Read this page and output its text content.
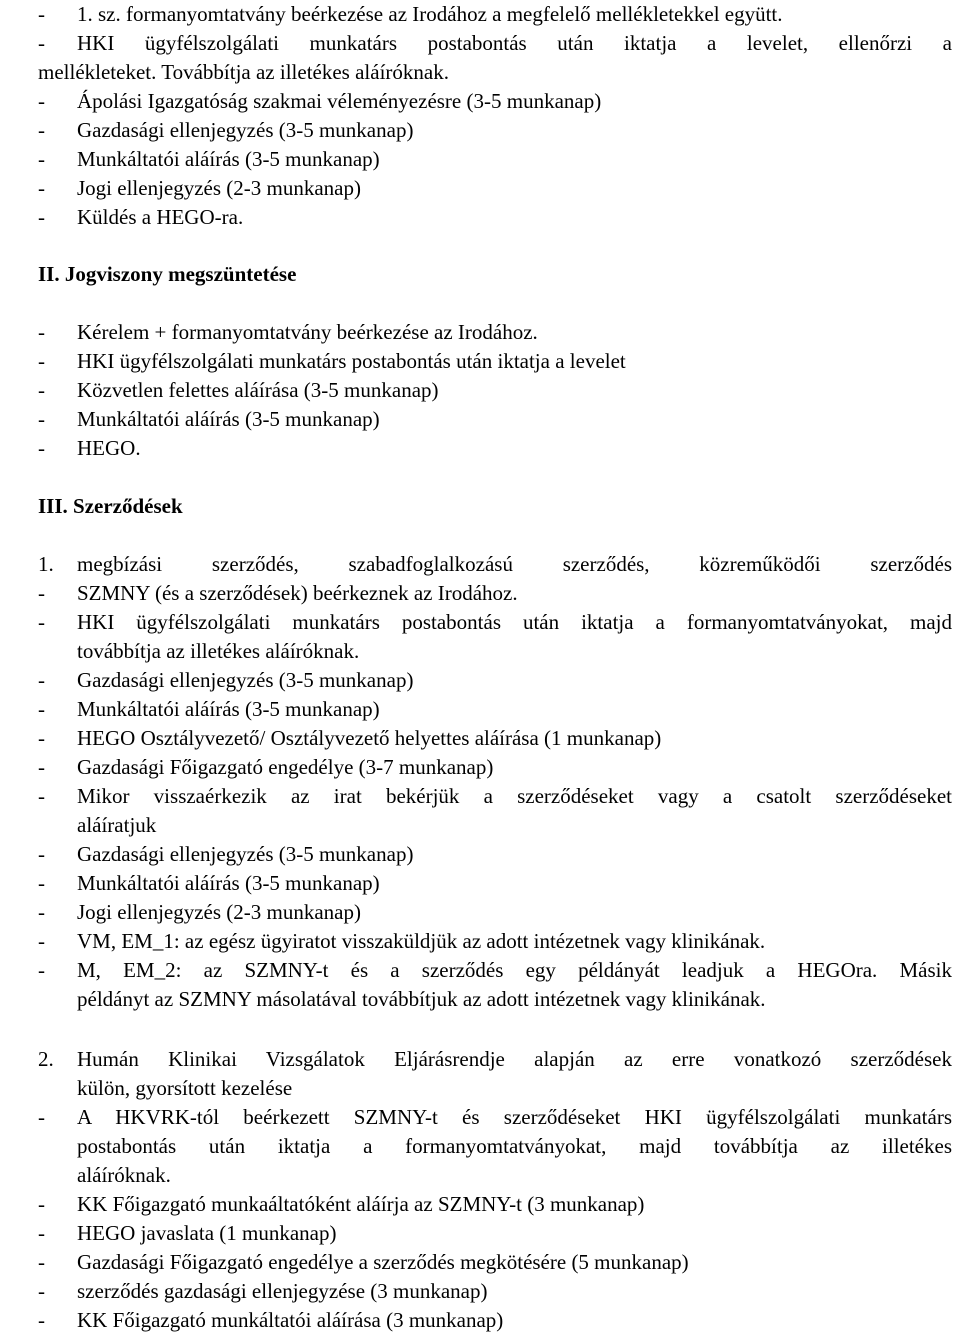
- 1. sz. formanyomtatvány beérkezése az Irodához a megfelelő mellékletekkel együtt.
- HKI ügyfélszolgálati munkatárs postabontás után iktatja a levelet, ellenőrzi a
mellékleteket. Továbbítja az illetékes aláíróknak.
- Ápolási Igazgatóság szakmai véleményezésre (3-5 munkanap)
- Gazdasági ellenjegyzés (3-5 munkanap)
- Munkáltatói aláírás (3-5 munkanap)
- Jogi ellenjegyzés (2-3 munkanap)
- Küldés a HEGO-ra.
II. Jogviszony megszüntetése
- Kérelem + formanyomtatvány beérkezése az Irodához.
- HKI ügyfélszolgálati munkatárs postabontás után iktatja a levelet
- Közvetlen felettes aláírása (3-5 munkanap)
- Munkáltatói aláírás (3-5 munkanap)
- HEGO.
III. Szerződések
1. megbízási szerződés, szabadfoglalkozású szerződés, közreműködői szerződés
- SZMNY (és a szerződések) beérkeznek az Irodához.
- HKI ügyfélszolgálati munkatárs postabontás után iktatja a formanyomtatványokat, majd
továbbítja az illetékes aláíróknak.
- Gazdasági ellenjegyzés (3-5 munkanap)
- Munkáltatói aláírás (3-5 munkanap)
- HEGO Osztályvezető/ Osztályvezető helyettes aláírása (1 munkanap)
- Gazdasági Főigazgató engedélye (3-7 munkanap)
- Mikor visszaérkezik az irat bekérjük a szerződéseket vagy a csatolt szerződéseket
aláíratjuk
- Gazdasági ellenjegyzés (3-5 munkanap)
- Munkáltatói aláírás (3-5 munkanap)
- Jogi ellenjegyzés (2-3 munkanap)
- VM, EM_1: az egész ügyiratot visszaküldjük az adott intézetnek vagy klinikának.
- M, EM_2: az SZMNY-t és a szerződés egy példányát leadjuk a HEGOra. Másik
példányt az SZMNY másolatával továbbítjuk az adott intézetnek vagy klinikának.
2. Humán Klinikai Vizsgálatok Eljárásrendje alapján az erre vonatkozó szerződések
külön, gyorsított kezelése
- A HKVRK-tól beérkezett SZMNY-t és szerződéseket HKI ügyfélszolgálati munkatárs
postabontás után iktatja a formanyomtatványokat, majd továbbítja az illetékes
aláíróknak.
- KK Főigazgató munkaáltatóként aláírja az SZMNY-t (3 munkanap)
- HEGO javaslata (1 munkanap)
- Gazdasági Főigazgató engedélye a szerződés megkötésére (5 munkanap)
- szerződés gazdasági ellenjegyzése (3 munkanap)
- KK Főigazgató munkáltatói aláírása (3 munkanap)
